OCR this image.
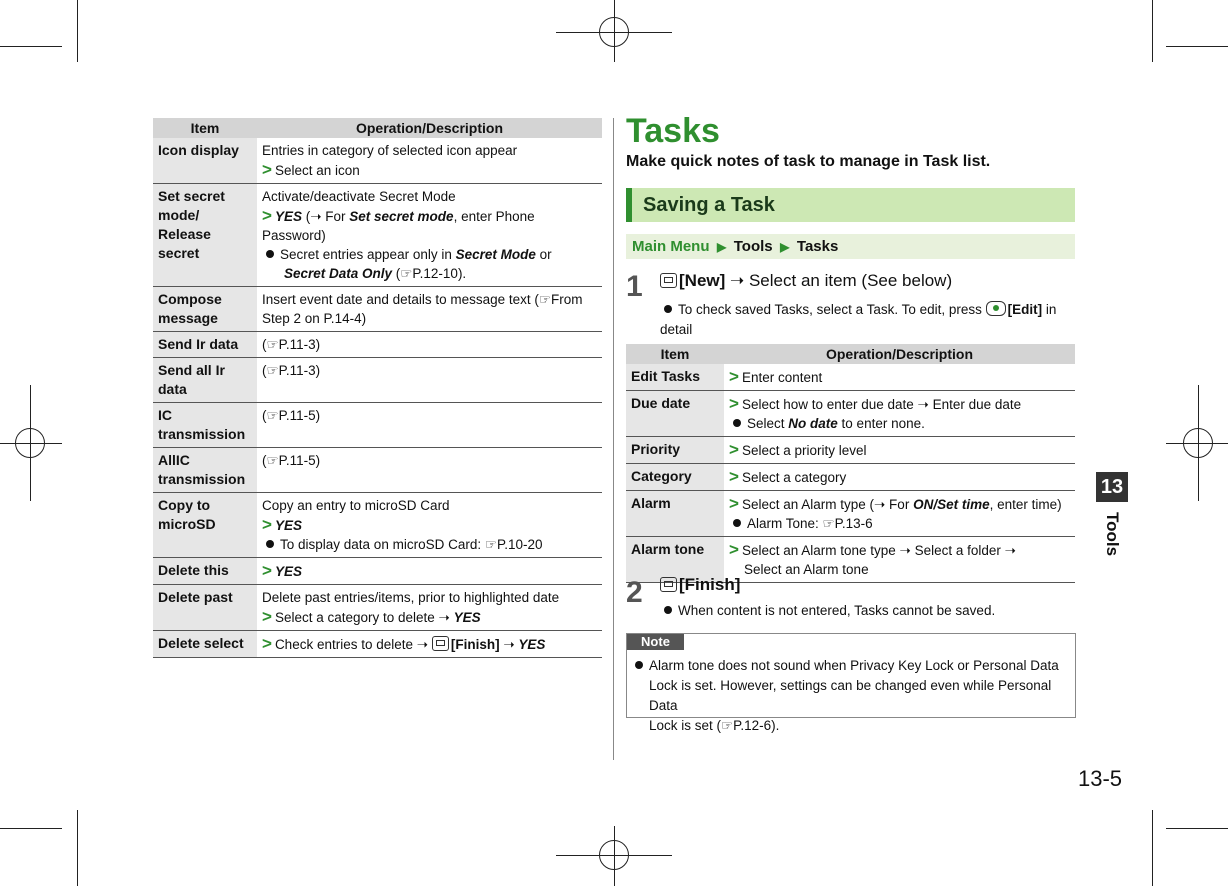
Item	Operation/Description
Icon display	Entries in category of selected icon appear
> Select an icon

Set secret mode/ Release secret	Activate/deactivate Secret Mode
> YES (➝ For Set secret mode, enter Phone Password)
Secret entries appear only in Secret Mode or
Secret Data Only (☞P.12-10).

Compose message	Insert event date and details to message text (☞From Step 2 on P.14-4)
Send Ir data	(☞P.11-3)
Send all Ir data	(☞P.11-3)
IC transmission	(☞P.11-5)
AllIC transmission	(☞P.11-5)
Copy to microSD	Copy an entry to microSD Card
> YES
To display data on microSD Card: ☞P.10-20

Delete this	> YES
Delete past	Delete past entries/items, prior to highlighted date
> Select a category to delete ➝ YES

Delete select	> Check entries to delete ➝ [Finish] ➝ YES
Tasks
Make quick notes of task to manage in Task list.
Saving a Task
Main Menu  ▶  Tools  ▶  Tasks
1	[New] ➝ Select an item (See below)
To check saved Tasks, select a Task. To edit, press [Edit] in detail
Item	Operation/Description
Edit Tasks	> Enter content
Due date	> Select how to enter due date ➝ Enter due date
Select No date to enter none.

Priority	> Select a priority level
Category	> Select a category
Alarm	> Select an Alarm type (➝ For ON/Set time, enter time)
Alarm Tone: ☞P.13-6

Alarm tone	> Select an Alarm tone type ➝ Select a folder ➝
Select an Alarm tone
2	[Finish]
When content is not entered, Tasks cannot be saved.
Note
Alarm tone does not sound when Privacy Key Lock or Personal Data
Lock is set. However, settings can be changed even while Personal Data
Lock is set (☞P.12-6).
13
Tools
13-5
